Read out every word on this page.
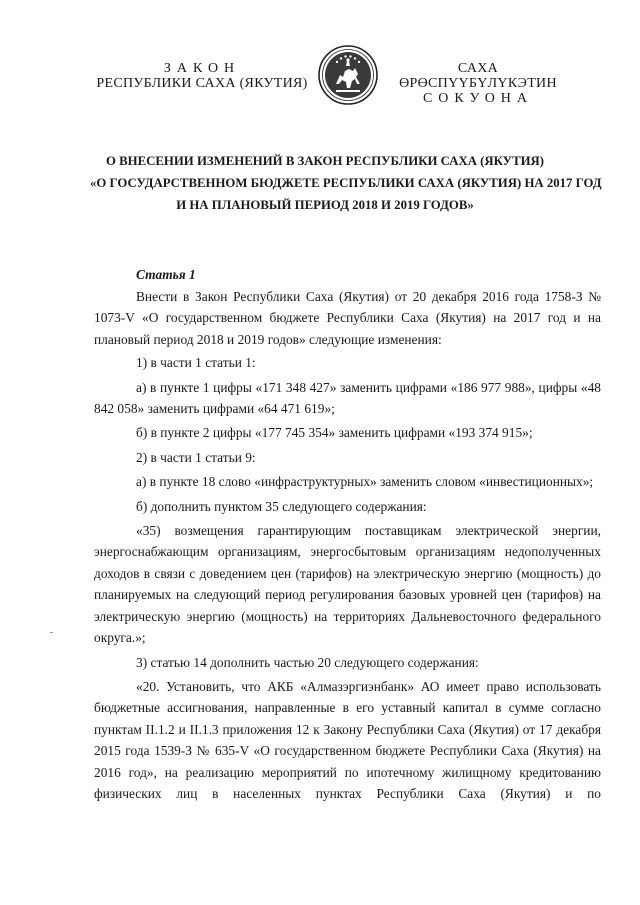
ЗАКОН
РЕСПУБЛИКИ САХА (ЯКУТИЯ)
САХА ӨРӨСПҮҮБҮЛҮКЭТИН
СОКУОНА
О ВНЕСЕНИИ ИЗМЕНЕНИЙ В ЗАКОН РЕСПУБЛИКИ САХА (ЯКУТИЯ)
«О ГОСУДАРСТВЕННОМ БЮДЖЕТЕ РЕСПУБЛИКИ САХА (ЯКУТИЯ) НА 2017 ГОД
И НА ПЛАНОВЫЙ ПЕРИОД 2018 И 2019 ГОДОВ»
Статья 1

Внести в Закон Республики Саха (Якутия) от 20 декабря 2016 года 1758-З № 1073-V «О государственном бюджете Республики Саха (Якутия) на 2017 год и на плановый период 2018 и 2019 годов» следующие изменения:

1) в части 1 статьи 1:

а) в пункте 1 цифры «171 348 427» заменить цифрами «186 977 988», цифры «48 842 058» заменить цифрами «64 471 619»;

б) в пункте 2 цифры «177 745 354» заменить цифрами «193 374 915»;

2) в части 1 статьи 9:

а) в пункте 18 слово «инфраструктурных» заменить словом «инвестиционных»;

б) дополнить пунктом 35 следующего содержания:

«35) возмещения гарантирующим поставщикам электрической энергии, энергоснабжающим организациям, энергосбытовым организациям недополученных доходов в связи с доведением цен (тарифов) на электрическую энергию (мощность) до планируемых на следующий период регулирования базовых уровней цен (тарифов) на электрическую энергию (мощность) на территориях Дальневосточного федерального округа.»;

3) статью 14 дополнить частью 20 следующего содержания:

«20. Установить, что АКБ «Алмазэргиэнбанк» АО имеет право использовать бюджетные ассигнования, направленные в его уставный капитал в сумме согласно пунктам II.1.2 и II.1.3 приложения 12 к Закону Республики Саха (Якутия) от 17 декабря 2015 года 1539-З № 635-V «О государственном бюджете Республики Саха (Якутия) на 2016 год», на реализацию мероприятий по ипотечному жилищному кредитованию физических лиц в населенных пунктах Республики Саха (Якутия) и по
